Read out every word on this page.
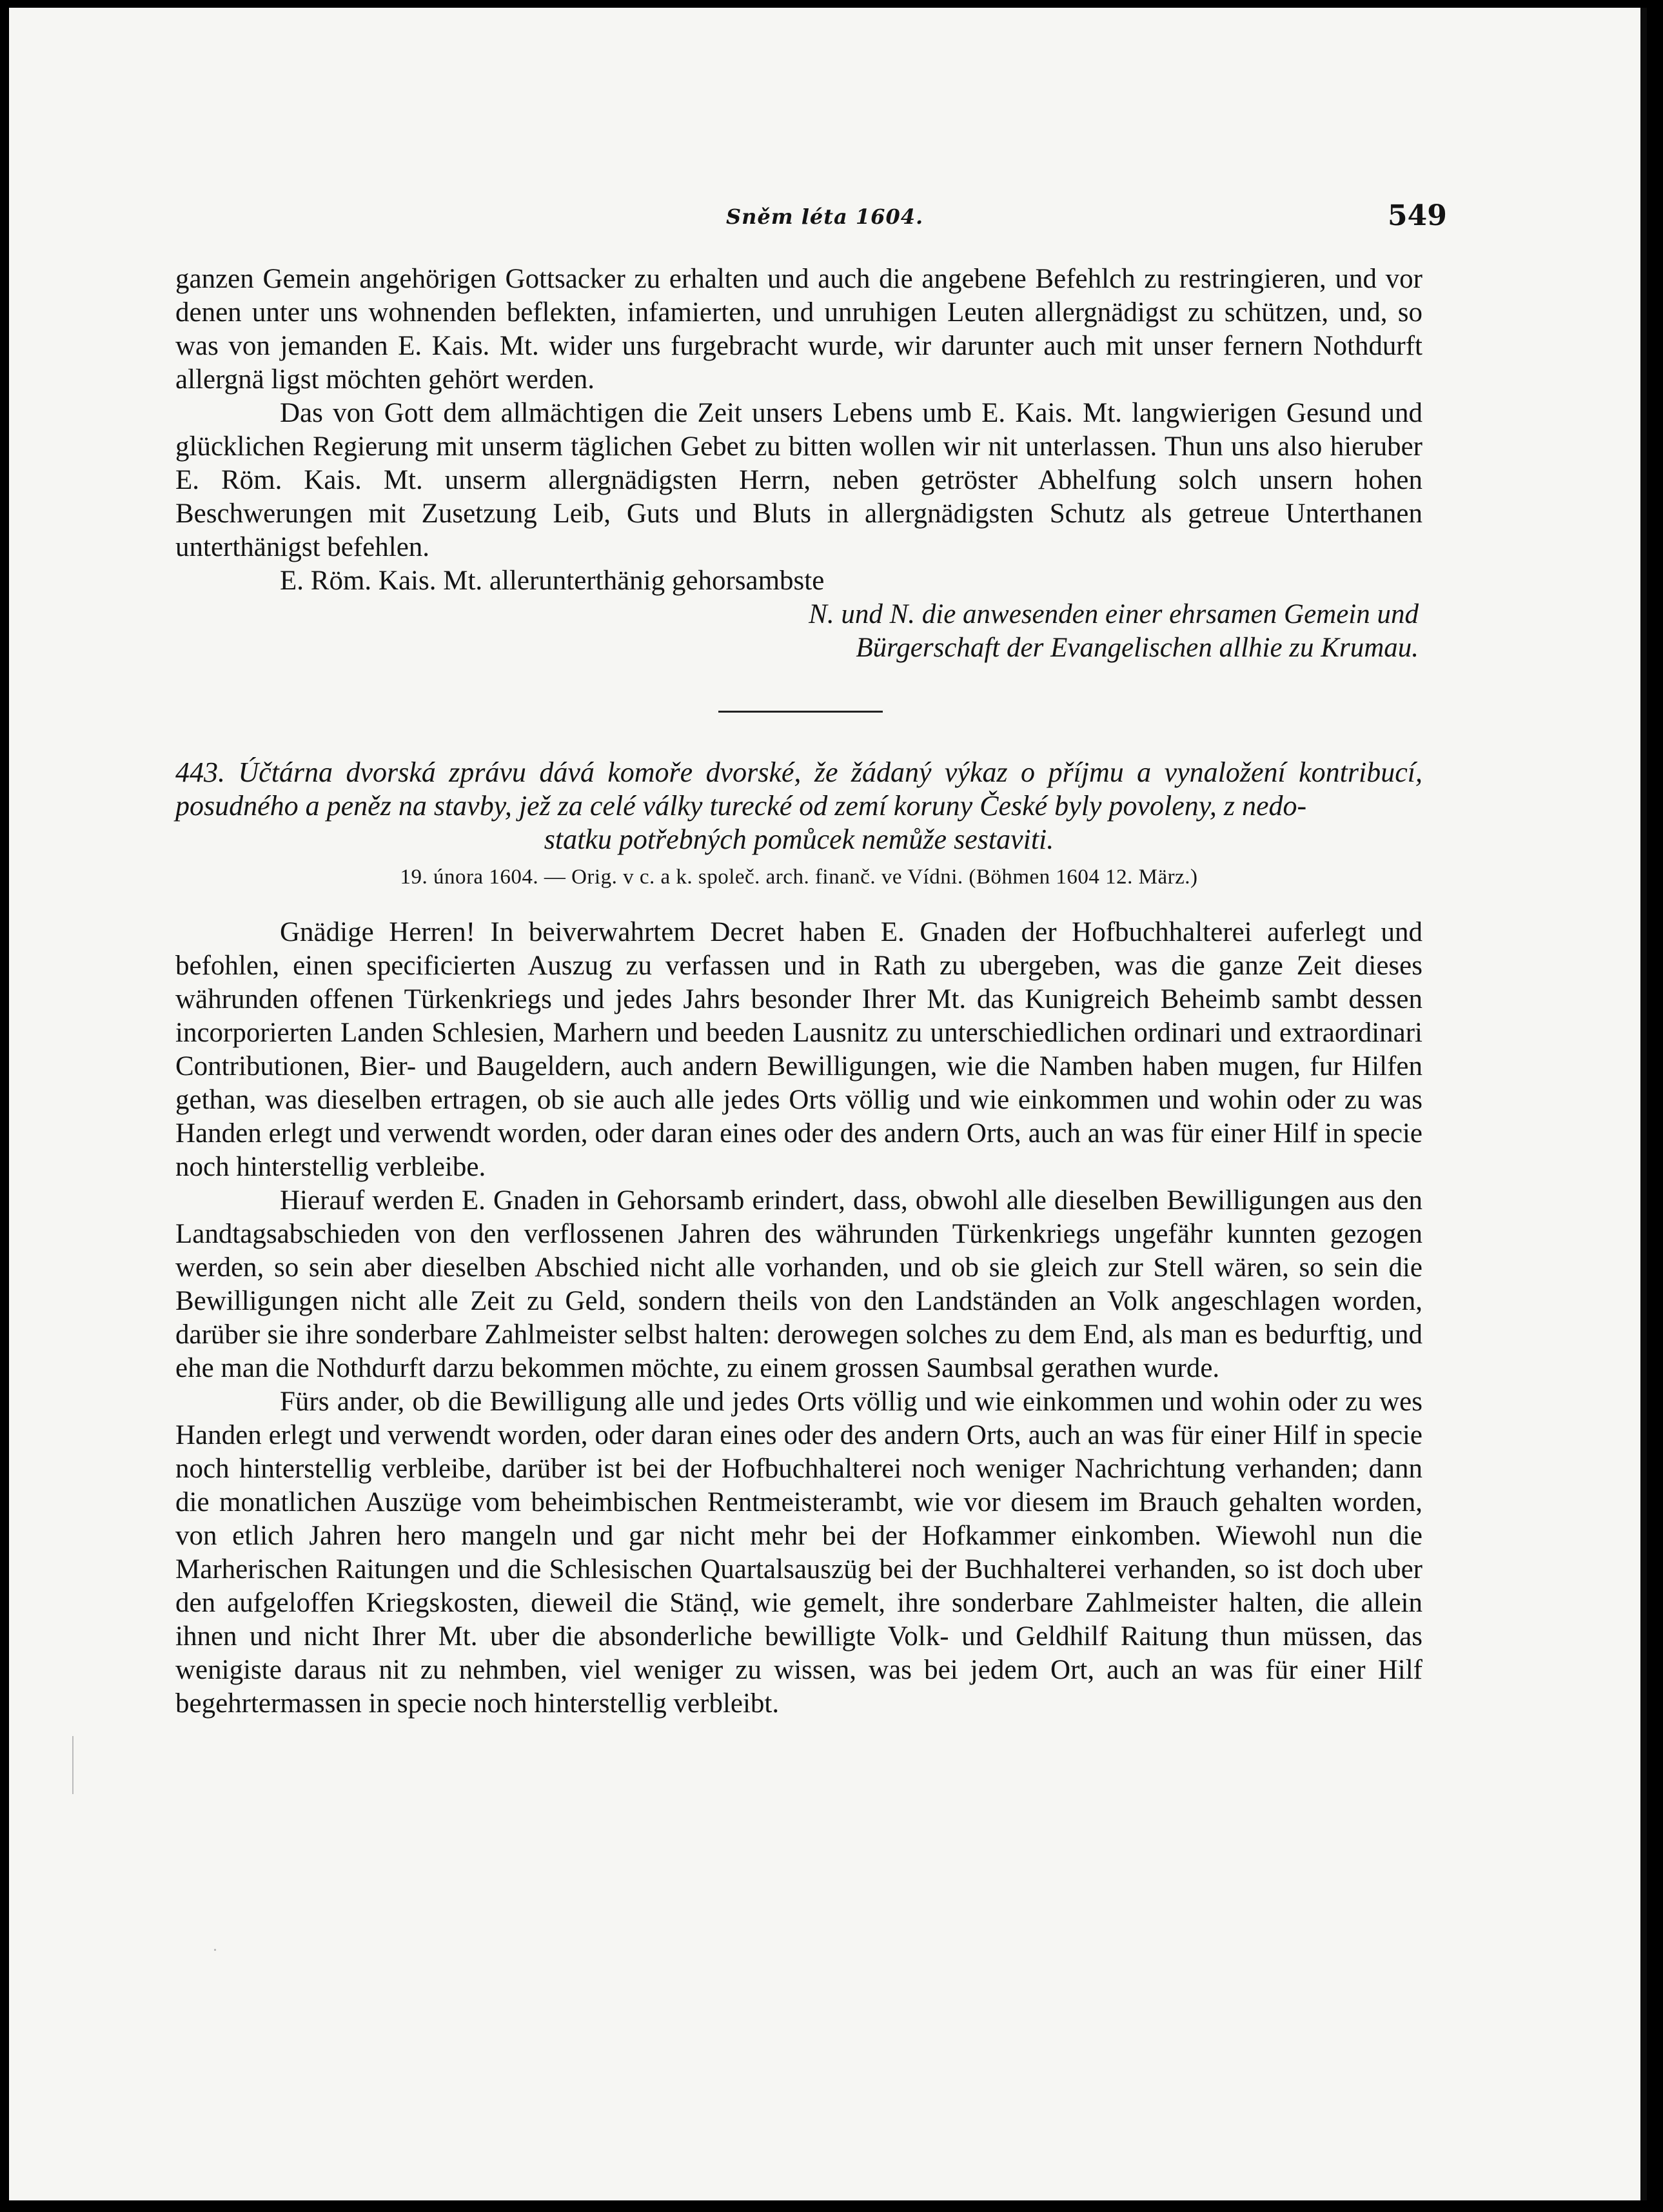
Sněm léta 1604.	549

ganzen Gemein angehörigen Gottsacker zu erhalten und auch die angebene Befehlch zu restringieren, und vor denen unter uns wohnenden beflekten, infamierten, und unruhigen Leuten allergnädigst zu schützen, und, so was von jemanden E. Kais. Mt. wider uns furgebracht wurde, wir darunter auch mit unser fernern Nothdurft allergnä ligst möchten gehört werden.

Das von Gott dem allmächtigen die Zeit unsers Lebens umb E. Kais. Mt. langwierigen Gesund und glücklichen Regierung mit unserm täglichen Gebet zu bitten wollen wir nit unterlassen. Thun uns also hieruber E. Röm. Kais. Mt. unserm allergnädigsten Herrn, neben getröster Abhelfung solch unsern hohen Beschwerungen mit Zusetzung Leib, Guts und Bluts in allergnädigsten Schutz als getreue Unterthanen unterthänigst befehlen.

E. Röm. Kais. Mt. allerunterthänig gehorsambste

N. und N. die anwesenden einer ehrsamen Gemein und

Bürgerschaft der Evangelischen allhie zu Krumau.

443. Účtárna dvorská zprávu dává komoře dvorské, že žádaný výkaz o příjmu a vynaložení kontribucí, posudného a peněz na stavby, jež za celé války turecké od zemí koruny České byly povoleny, z nedo-
statku potřebných pomůcek nemůže sestaviti.
19. února 1604. — Orig. v c. a k. společ. arch. finanč. ve Vídni. (Böhmen 1604 12. März.)

Gnädige Herren! In beiverwahrtem Decret haben E. Gnaden der Hofbuchhalterei auferlegt und befohlen, einen specificierten Auszug zu verfassen und in Rath zu ubergeben, was die ganze Zeit dieses währunden offenen Türkenkriegs und jedes Jahrs besonder Ihrer Mt. das Kunigreich Beheimb sambt dessen incorporierten Landen Schlesien, Marhern und beeden Lausnitz zu unterschiedlichen ordinari und extraordinari Contributionen, Bier- und Baugeldern, auch andern Bewilligungen, wie die Namben haben mugen, fur Hilfen gethan, was dieselben ertragen, ob sie auch alle jedes Orts völlig und wie einkommen und wohin oder zu was Handen erlegt und verwendt worden, oder daran eines oder des andern Orts, auch an was für einer Hilf in specie noch hinterstellig verbleibe.

Hierauf werden E. Gnaden in Gehorsamb erindert, dass, obwohl alle dieselben Bewilligungen aus den Landtagsabschieden von den verflossenen Jahren des währunden Türkenkriegs ungefähr kunnten gezogen werden, so sein aber dieselben Abschied nicht alle vorhanden, und ob sie gleich zur Stell wären, so sein die Bewilligungen nicht alle Zeit zu Geld, sondern theils von den Landständen an Volk angeschlagen worden, darüber sie ihre sonderbare Zahlmeister selbst halten: derowegen solches zu dem End, als man es bedurftig, und ehe man die Nothdurft darzu bekommen möchte, zu einem grossen Saumbsal gerathen wurde.

Fürs ander, ob die Bewilligung alle und jedes Orts völlig und wie einkommen und wohin oder zu wes Handen erlegt und verwendt worden, oder daran eines oder des andern Orts, auch an was für einer Hilf in specie noch hinterstellig verbleibe, darüber ist bei der Hofbuchhalterei noch weniger Nachrichtung verhanden; dann die monatlichen Auszüge vom beheimbischen Rentmeisterambt, wie vor diesem im Brauch gehalten worden, von etlich Jahren hero mangeln und gar nicht mehr bei der Hofkammer einkomben. Wiewohl nun die Marherischen Raitungen und die Schlesischen Quartalsauszüg bei der Buchhalterei verhanden, so ist doch uber den aufgeloffen Kriegskosten, dieweil die Stänḍ, wie gemelt, ihre sonderbare Zahlmeister halten, die allein ihnen und nicht Ihrer Mt. uber die absonderliche bewilligte Volk- und Geldhilf Raitung thun müssen, das wenigiste daraus nit zu nehmben, viel weniger zu wissen, was bei jedem Ort, auch an was für einer Hilf begehrtermassen in specie noch hinterstellig verbleibt.
